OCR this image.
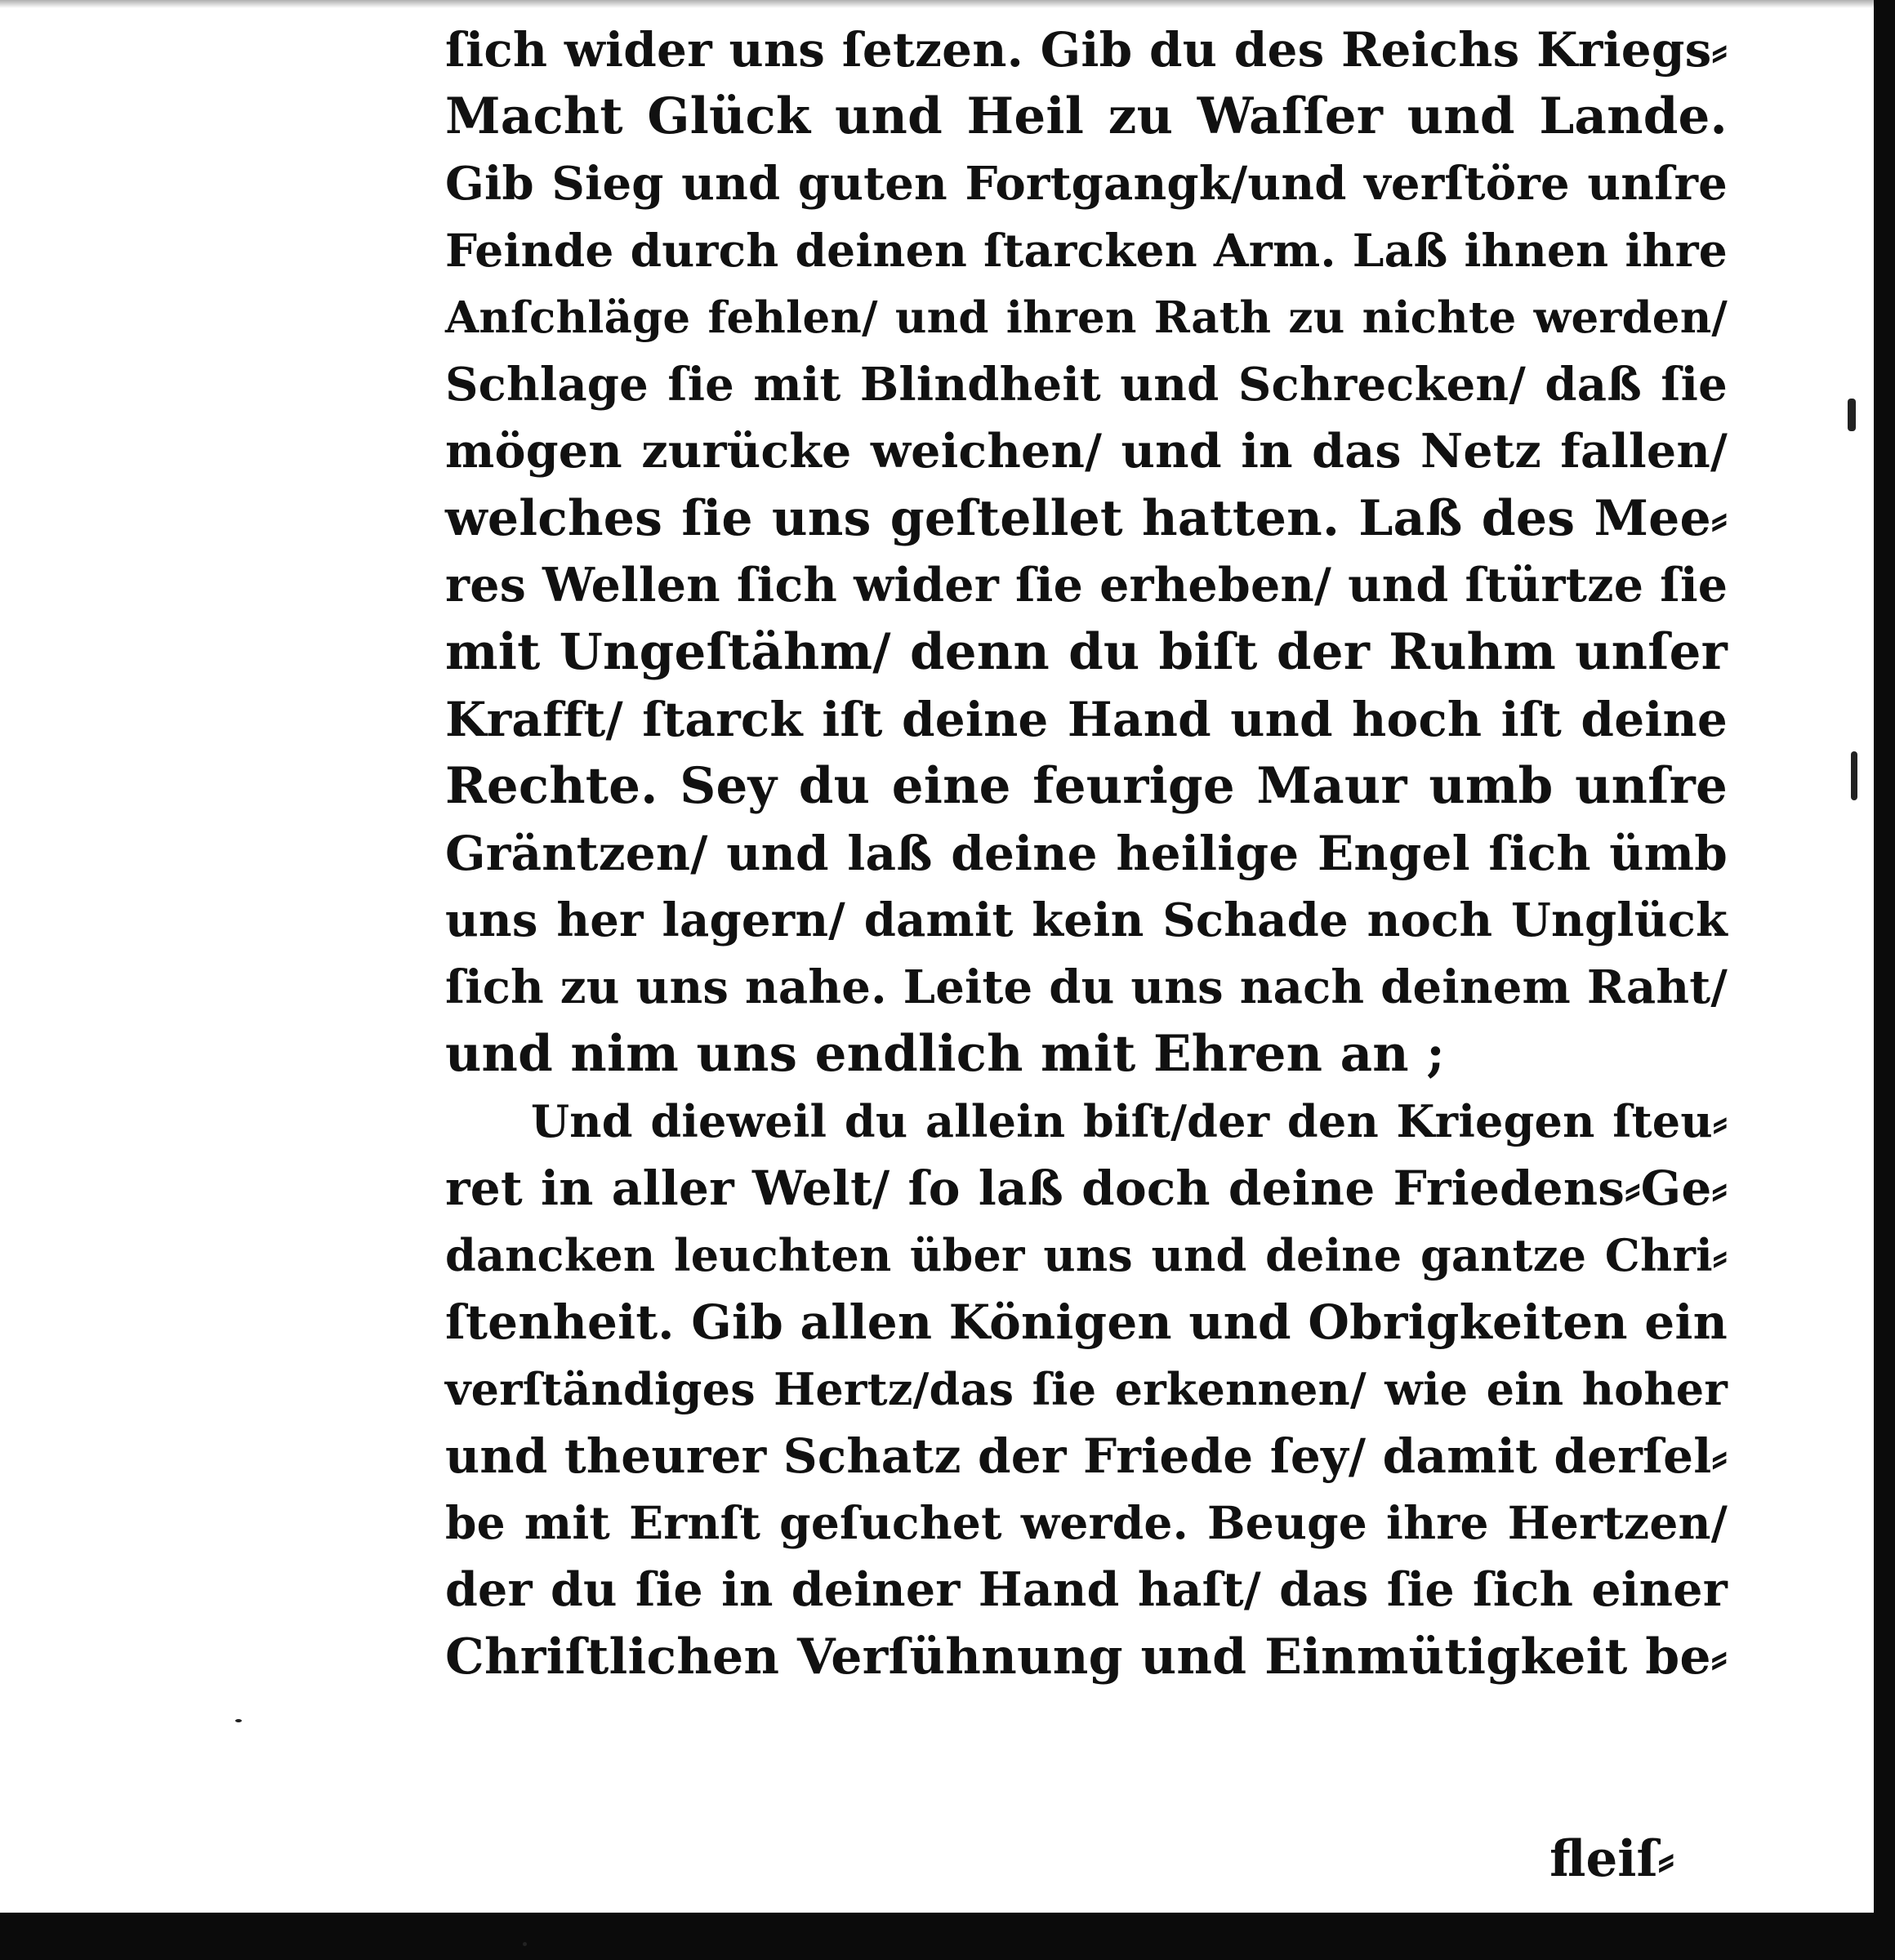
ſich wider uns ſetzen. Gib du des Reichs Kriegs⸗
Macht Glück und Heil zu Waſſer und Lande.
Gib Sieg und guten Fortgangk/und verſtöre unſre
Feinde durch deinen ſtarcken Arm. Laß ihnen ihre
Anſchläge fehlen/ und ihren Rath zu nichte werden/
Schlage ſie mit Blindheit und Schrecken/ daß ſie
mögen zurücke weichen/ und in das Netz fallen/
welches ſie uns geſtellet hatten. Laß des Mee⸗
res Wellen ſich wider ſie erheben/ und ſtürtze ſie
mit Ungeſtähm/ denn du biſt der Ruhm unſer
Krafft/ ſtarck iſt deine Hand und hoch iſt deine
Rechte. Sey du eine feurige Maur umb unſre
Gräntzen/ und laß deine heilige Engel ſich ümb
uns her lagern/ damit kein Schade noch Unglück
ſich zu uns nahe. Leite du uns nach deinem Raht/
und nim uns endlich mit Ehren an ;
Und dieweil du allein biſt/der den Kriegen ſteu⸗
ret in aller Welt/ ſo laß doch deine Friedens⸗Ge⸗
dancken leuchten über uns und deine gantze Chri⸗
ſtenheit. Gib allen Königen und Obrigkeiten ein
verſtändiges Hertz/das ſie erkennen/ wie ein hoher
und theurer Schatz der Friede ſey/ damit derſel⸗
be mit Ernſt geſuchet werde. Beuge ihre Hertzen/
der du ſie in deiner Hand haſt/ das ſie ſich einer
Chriſtlichen Verſühnung und Einmütigkeit be⸗
fleiſ⸗
